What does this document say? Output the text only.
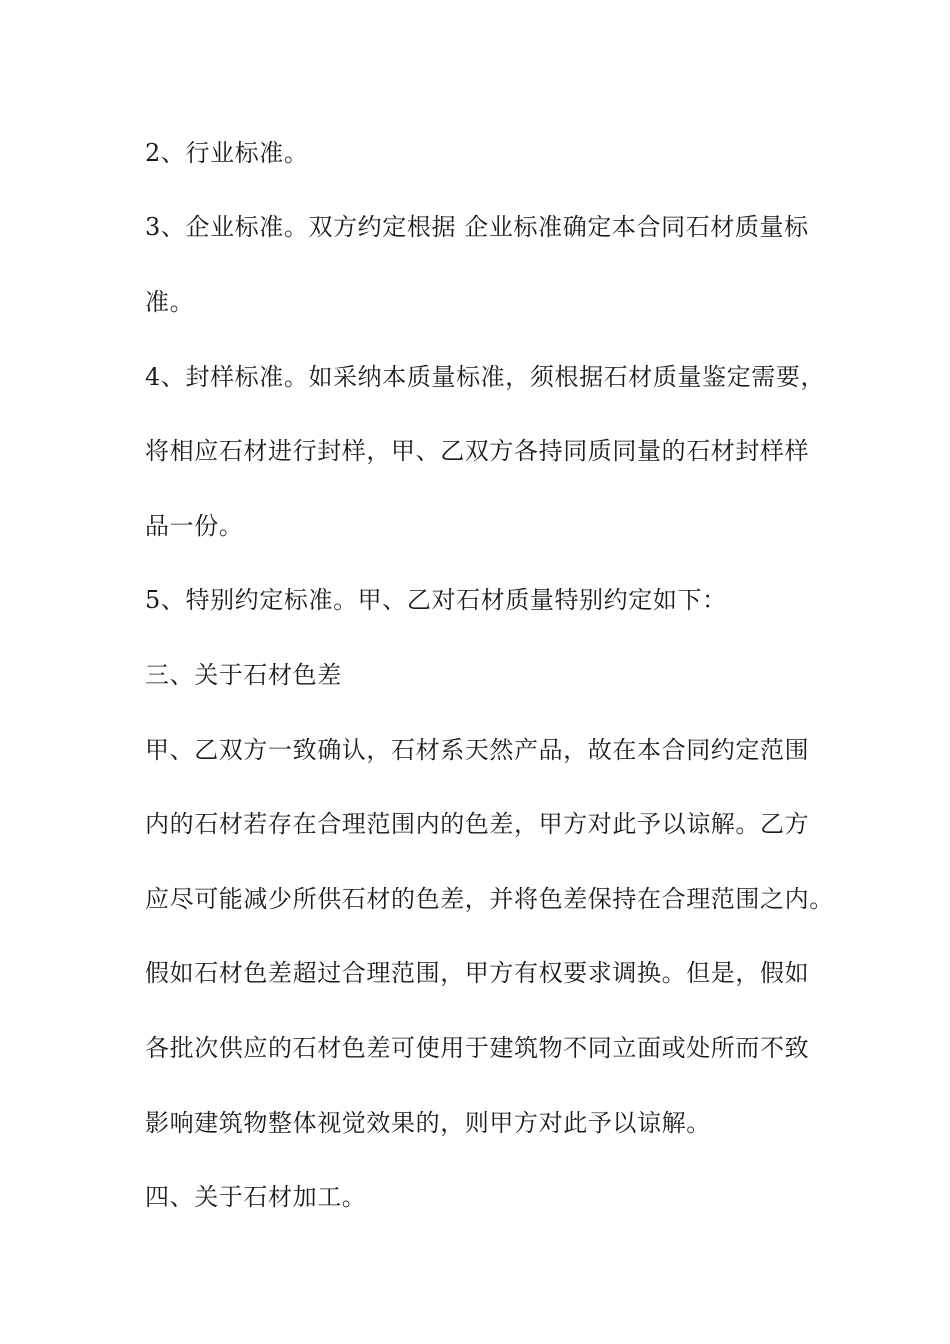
2、行业标准。
3、企业标准。双方约定根据 企业标准确定本合同石材质量标
准。
4、封样标准。如采纳本质量标准，须根据石材质量鉴定需要，
将相应石材进行封样，甲、乙双方各持同质同量的石材封样样
品一份。
5、特别约定标准。甲、乙对石材质量特别约定如下：
三、关于石材色差
甲、乙双方一致确认，石材系天然产品，故在本合同约定范围
内的石材若存在合理范围内的色差，甲方对此予以谅解。乙方
应尽可能减少所供石材的色差，并将色差保持在合理范围之内。
假如石材色差超过合理范围，甲方有权要求调换。但是，假如
各批次供应的石材色差可使用于建筑物不同立面或处所而不致
影响建筑物整体视觉效果的，则甲方对此予以谅解。
四、关于石材加工。
